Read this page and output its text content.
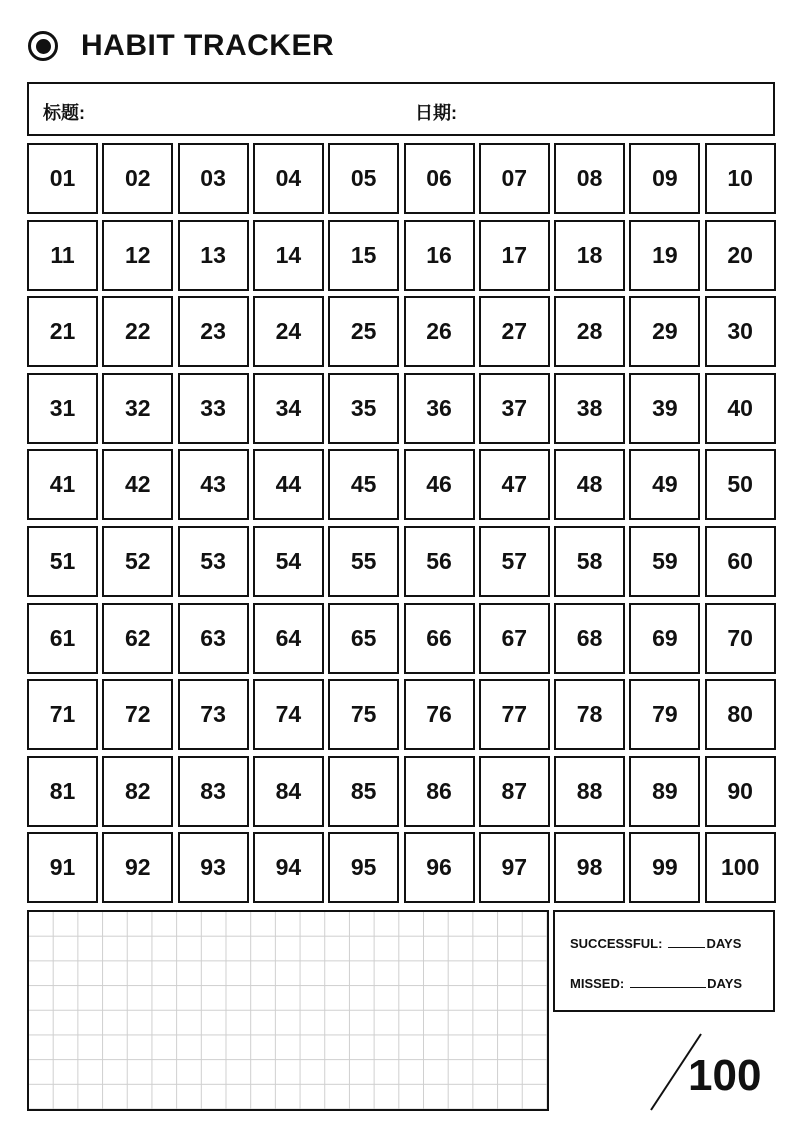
HABIT TRACKER
标题:	日期:
01	02	03	04	05	06	07	08	09	10
11	12	13	14	15	16	17	18	19	20
21	22	23	24	25	26	27	28	29	30
31	32	33	34	35	36	37	38	39	40
41	42	43	44	45	46	47	48	49	50
51	52	53	54	55	56	57	58	59	60
61	62	63	64	65	66	67	68	69	70
71	72	73	74	75	76	77	78	79	80
81	82	83	84	85	86	87	88	89	90
91	92	93	94	95	96	97	98	99	100
SUCCESSFUL:	DAYS
MISSED:	DAYS
100
